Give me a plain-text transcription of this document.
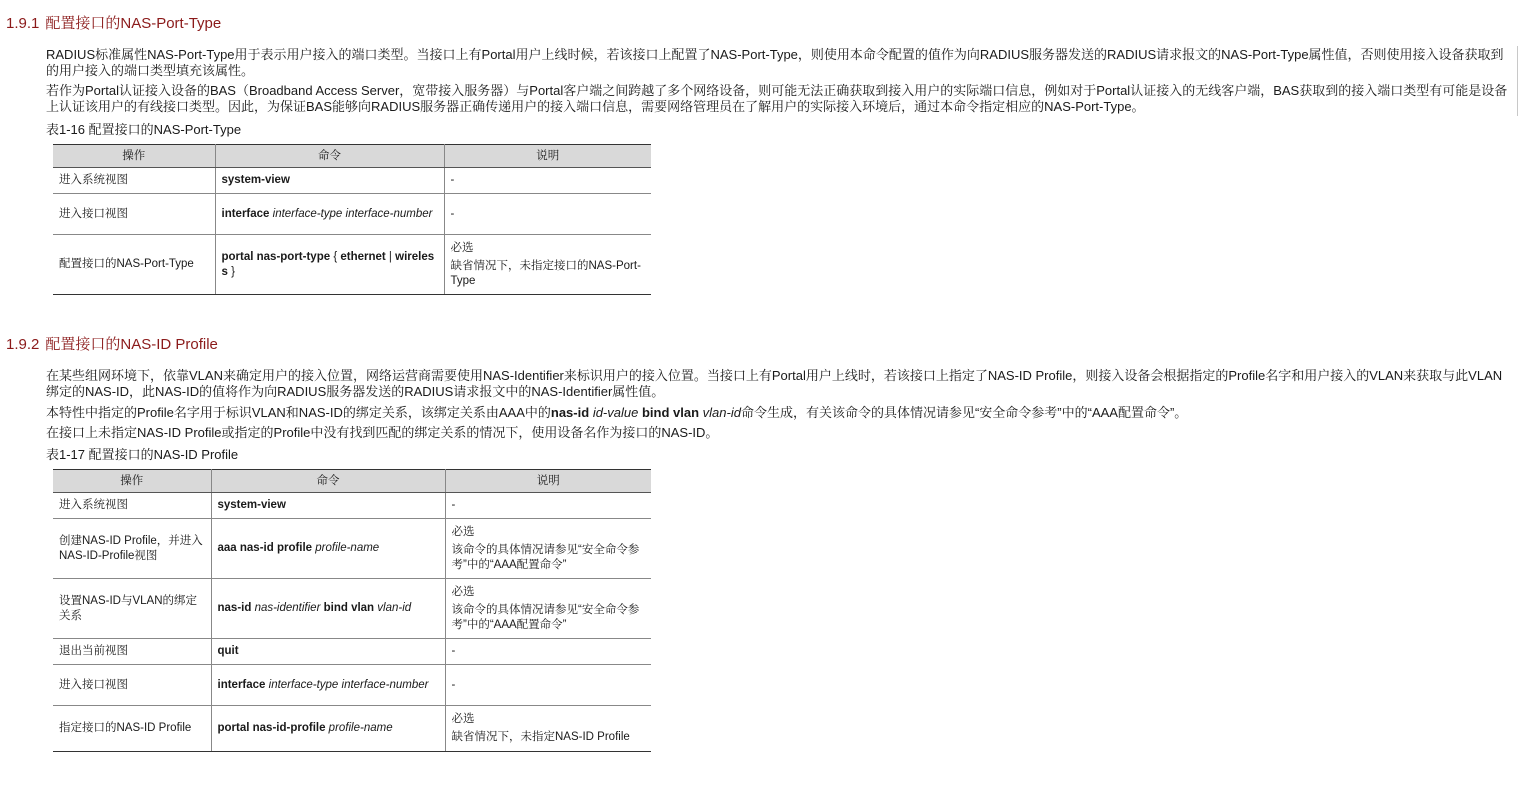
1.9.1 配置接口的NAS-Port-Type

RADIUS标准属性NAS-Port-Type用于表示用户接入的端口类型。当接口上有Portal用户上线时候，若该接口上配置了NAS-Port-Type，则使用本命令配置的值作为向RADIUS服务器发送的RADIUS请求报文的NAS-Port-Type属性值，否则使用接入设备获取到的用户接入的端口类型填充该属性。

若作为Portal认证接入设备的BAS（Broadband Access Server，宽带接入服务器）与Portal客户端之间跨越了多个网络设备，则可能无法正确获取到接入用户的实际端口信息，例如对于Portal认证接入的无线客户端，BAS获取到的接入端口类型有可能是设备上认证该用户的有线接口类型。因此，为保证BAS能够向RADIUS服务器正确传递用户的接入端口信息，需要网络管理员在了解用户的实际接入环境后，通过本命令指定相应的NAS-Port-Type。

表1-16 配置接口的NAS-Port-Type
操作	命令	说明
进入系统视图	system-view	-

进入接口视图	interface interface-type interface-number	-

配置接口的NAS-Port-Type	portal nas-port-type { ethernet | wireless }	必选
缺省情况下，未指定接口的NAS-Port-Type
1.9.2 配置接口的NAS-ID Profile

在某些组网环境下，依靠VLAN来确定用户的接入位置，网络运营商需要使用NAS-Identifier来标识用户的接入位置。当接口上有Portal用户上线时，若该接口上指定了NAS-ID Profile，则接入设备会根据指定的Profile名字和用户接入的VLAN来获取与此VLAN绑定的NAS-ID，此NAS-ID的值将作为向RADIUS服务器发送的RADIUS请求报文中的NAS-Identifier属性值。

本特性中指定的Profile名字用于标识VLAN和NAS-ID的绑定关系，该绑定关系由AAA中的nas-id id-value bind vlan vlan-id命令生成，有关该命令的具体情况请参见“安全命令参考”中的“AAA配置命令”。

在接口上未指定NAS-ID Profile或指定的Profile中没有找到匹配的绑定关系的情况下，使用设备名作为接口的NAS-ID。

表1-17 配置接口的NAS-ID Profile
操作	命令	说明
进入系统视图	system-view	-

创建NAS-ID Profile，并进入NAS-ID-Profile视图	aaa nas-id profile profile-name	必选
该命令的具体情况请参见“安全命令参考”中的“AAA配置命令”

设置NAS-ID与VLAN的绑定关系	nas-id nas-identifier bind vlan vlan-id	必选
该命令的具体情况请参见“安全命令参考”中的“AAA配置命令”

退出当前视图	quit	-

进入接口视图	interface interface-type interface-number	-

指定接口的NAS-ID Profile	portal nas-id-profile profile-name	必选
缺省情况下，未指定NAS-ID Profile
